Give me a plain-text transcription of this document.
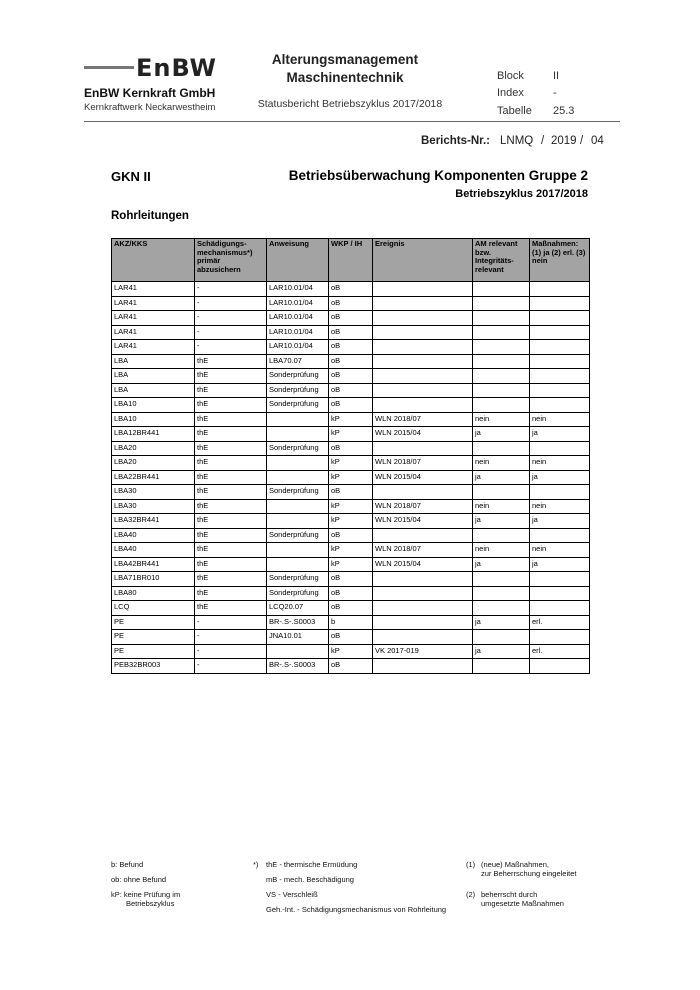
EnBW
EnBW Kernkraft GmbH
Kernkraftwerk Neckarwestheim
Alterungsmanagement
Maschinentechnik
Statusbericht Betriebszyklus 2017/2018
Block	II
Index	-
Tabelle 25.3
Berichts-Nr.: LNMQ / 2019 / 04
GKN II	Betriebsüberwachung Komponenten Gruppe 2
Betriebszyklus 2017/2018
Rohrleitungen
AKZ/KKS	Schädigungs-mechanismus*) primär abzusichern	Anweisung	WKP / IH	Ereignis	AM relevant bzw. Integritäts-relevant	Maßnahmen: (1) ja (2) erl. (3) nein
LAR41	-	LAR10.01/04	oB			
LAR41	-	LAR10.01/04	oB			
LAR41	-	LAR10.01/04	oB			
LAR41	-	LAR10.01/04	oB			
LAR41	-	LAR10.01/04	oB			
LBA	thE	LBA70.07	oB			
LBA	thE	Sonderprüfung	oB			
LBA	thE	Sonderprüfung	oB			
LBA10	thE	Sonderprüfung	oB			
LBA10	thE		kP	WLN 2018/07	nein	nein
LBA12BR441	thE		kP	WLN 2015/04	ja	ja
LBA20	thE	Sonderprüfung	oB			
LBA20	thE		kP	WLN 2018/07	nein	nein
LBA22BR441	thE		kP	WLN 2015/04	ja	ja
LBA30	thE	Sonderprüfung	oB			
LBA30	thE		kP	WLN 2018/07	nein	nein
LBA32BR441	thE		kP	WLN 2015/04	ja	ja
LBA40	thE	Sonderprüfung	oB			
LBA40	thE		kP	WLN 2018/07	nein	nein
LBA42BR441	thE		kP	WLN 2015/04	ja	ja
LBA71BR010	thE	Sonderprüfung	oB			
LBA80	thE	Sonderprüfung	oB			
LCQ	thE	LCQ20.07	oB			
PE	-	BR-.S-.S0003	b		ja	erl.
PE	-	JNA10.01	oB			
PE	-		kP	VK 2017-019	ja	erl.
PEB32BR003	-	BR-.S-.S0003	oB			
b: Befund
ob: ohne Befund
kP: keine Prüfung im
Betriebszyklus
*) thE - thermische Ermüdung
mB - mech. Beschädigung
VS - Verschleiß
Geh.-Int. - Schädigungsmechanismus von Rohrleitung
(1) (neue) Maßnahmen,
zur Beherrschung eingeleitet
(2) beherrscht durch
umgesetzte Maßnahmen
